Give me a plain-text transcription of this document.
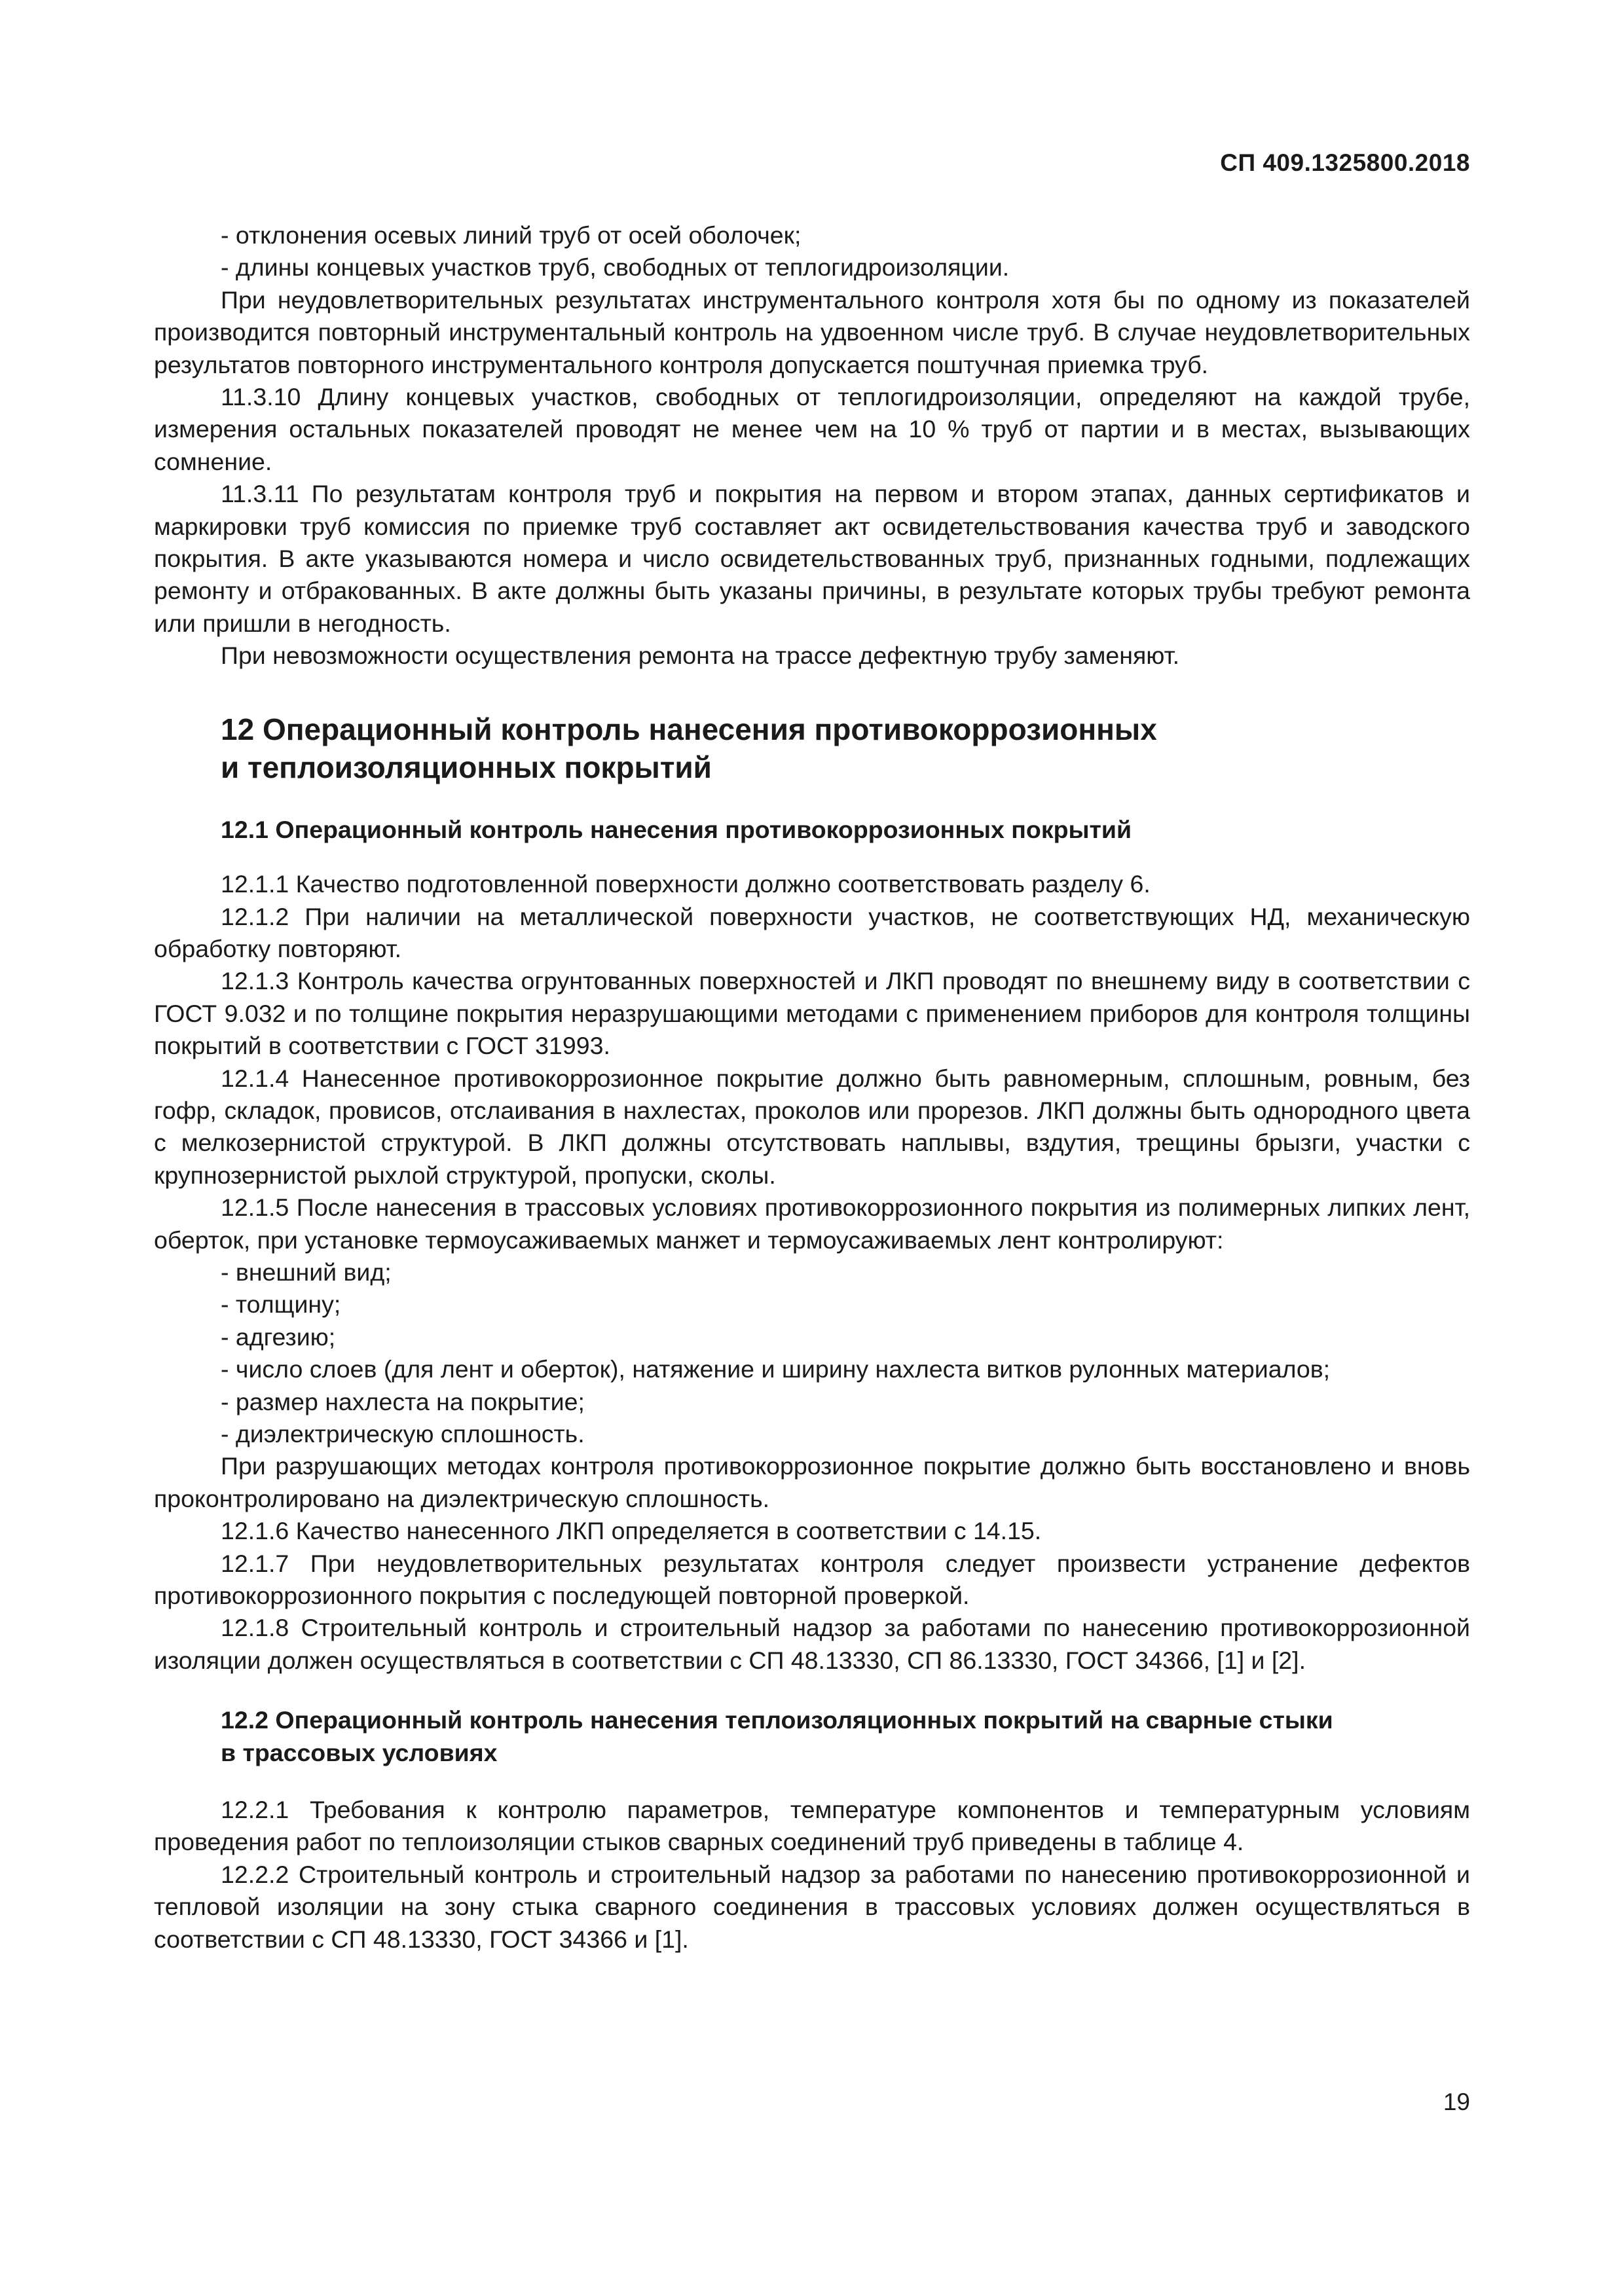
СП 409.1325800.2018

- отклонения осевых линий труб от осей оболочек;

- длины концевых участков труб, свободных от теплогидроизоляции.

При неудовлетворительных результатах инструментального контроля хотя бы по одному из показателей производится повторный инструментальный контроль на удвоенном числе труб. В случае неудовлетворительных результатов повторного инструментального контроля допускается поштучная приемка труб.

11.3.10 Длину концевых участков, свободных от теплогидроизоляции, определяют на каждой трубе, измерения остальных показателей проводят не менее чем на 10 % труб от партии и в местах, вызывающих сомнение.

11.3.11 По результатам контроля труб и покрытия на первом и втором этапах, данных сертификатов и маркировки труб комиссия по приемке труб составляет акт освидетельствования качества труб и заводского покрытия. В акте указываются номера и число освидетельствованных труб, признанных годными, подлежащих ремонту и отбракованных. В акте должны быть указаны причины, в результате которых трубы требуют ремонта или пришли в негодность.

При невозможности осуществления ремонта на трассе дефектную трубу заменяют.

12 Операционный контроль нанесения противокоррозионных
и теплоизоляционных покрытий
12.1 Операционный контроль нанесения противокоррозионных покрытий

12.1.1 Качество подготовленной поверхности должно соответствовать разделу 6.

12.1.2 При наличии на металлической поверхности участков, не соответствующих НД, механическую обработку повторяют.

12.1.3 Контроль качества огрунтованных поверхностей и ЛКП проводят по внешнему виду в соответствии с ГОСТ 9.032 и по толщине покрытия неразрушающими методами с применением приборов для контроля толщины покрытий в соответствии с ГОСТ 31993.

12.1.4 Нанесенное противокоррозионное покрытие должно быть равномерным, сплошным, ровным, без гофр, складок, провисов, отслаивания в нахлестах, проколов или прорезов. ЛКП должны быть однородного цвета с мелкозернистой структурой. В ЛКП должны отсутствовать наплывы, вздутия, трещины брызги, участки с крупнозернистой рыхлой структурой, пропуски, сколы.

12.1.5 После нанесения в трассовых условиях противокоррозионного покрытия из полимерных липких лент, оберток, при установке термоусаживаемых манжет и термоусаживаемых лент контролируют:

- внешний вид;

- толщину;

- адгезию;

- число слоев (для лент и оберток), натяжение и ширину нахлеста витков рулонных материалов;

- размер нахлеста на покрытие;

- диэлектрическую сплошность.

При разрушающих методах контроля противокоррозионное покрытие должно быть восстановлено и вновь проконтролировано на диэлектрическую сплошность.

12.1.6 Качество нанесенного ЛКП определяется в соответствии с 14.15.

12.1.7 При неудовлетворительных результатах контроля следует произвести устранение дефектов противокоррозионного покрытия с последующей повторной проверкой.

12.1.8 Строительный контроль и строительный надзор за работами по нанесению противокоррозионной изоляции должен осуществляться в соответствии с СП 48.13330, СП 86.13330, ГОСТ 34366, [1] и [2].

12.2 Операционный контроль нанесения теплоизоляционных покрытий на сварные стыки
в трассовых условиях

12.2.1 Требования к контролю параметров, температуре компонентов и температурным условиям проведения работ по теплоизоляции стыков сварных соединений труб приведены в таблице 4.

12.2.2 Строительный контроль и строительный надзор за работами по нанесению противокоррозионной и тепловой изоляции на зону стыка сварного соединения в трассовых условиях должен осуществляться в соответствии с СП 48.13330, ГОСТ 34366 и [1].

19
